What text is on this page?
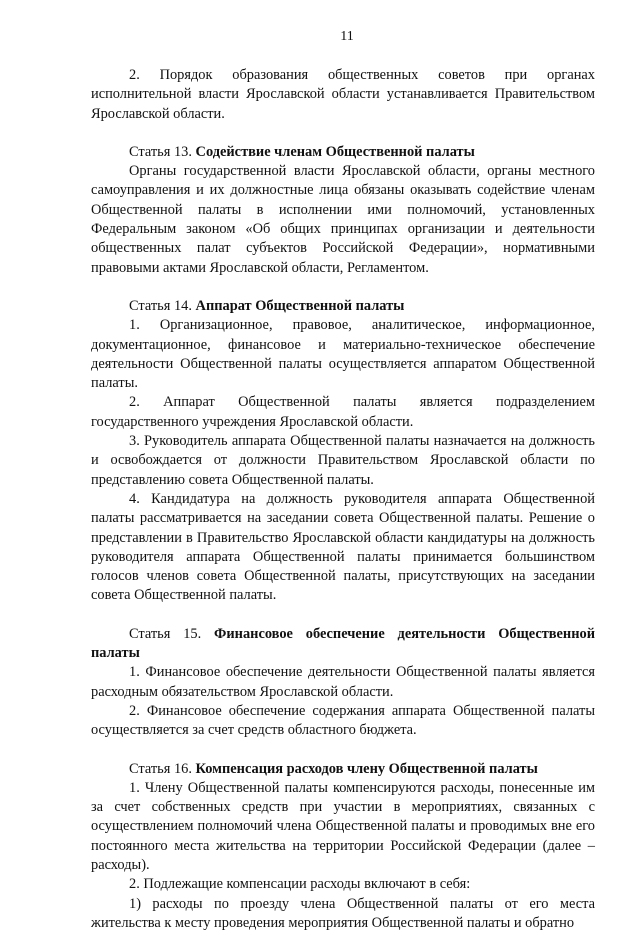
11

2. Порядок образования общественных советов при органах исполнительной власти Ярославской области устанавливается Правительством Ярославской области.

Статья 13. Содействие членам Общественной палаты

Органы государственной власти Ярославской области, органы местного самоуправления и их должностные лица обязаны оказывать содействие членам Общественной палаты в исполнении ими полномочий, установленных Федеральным законом «Об общих принципах организации и деятельности общественных палат субъектов Российской Федерации», нормативными правовыми актами Ярославской области, Регламентом.

Статья 14. Аппарат Общественной палаты

1. Организационное, правовое, аналитическое, информационное, документационное, финансовое и материально-техническое обеспечение деятельности Общественной палаты осуществляется аппаратом Общественной палаты.

2. Аппарат Общественной палаты является подразделением государственного учреждения Ярославской области.

3. Руководитель аппарата Общественной палаты назначается на должность и освобождается от должности Правительством Ярославской области по представлению совета Общественной палаты.

4. Кандидатура на должность руководителя аппарата Общественной палаты рассматривается на заседании совета Общественной палаты. Решение о представлении в Правительство Ярославской области кандидатуры на должность руководителя аппарата Общественной палаты принимается большинством голосов членов совета Общественной палаты, присутствующих на заседании совета Общественной палаты.

Статья 15. Финансовое обеспечение деятельности Общественной палаты

1. Финансовое обеспечение деятельности Общественной палаты является расходным обязательством Ярославской области.

2. Финансовое обеспечение содержания аппарата Общественной палаты осуществляется за счет средств областного бюджета.

Статья 16. Компенсация расходов члену Общественной палаты

1. Члену Общественной палаты компенсируются расходы, понесенные им за счет собственных средств при участии в мероприятиях, связанных с осуществлением полномочий члена Общественной палаты и проводимых вне его постоянного места жительства на территории Российской Федерации (далее – расходы).

2. Подлежащие компенсации расходы включают в себя:

1) расходы по проезду члена Общественной палаты от его места жительства к месту проведения мероприятия Общественной палаты и обратно
